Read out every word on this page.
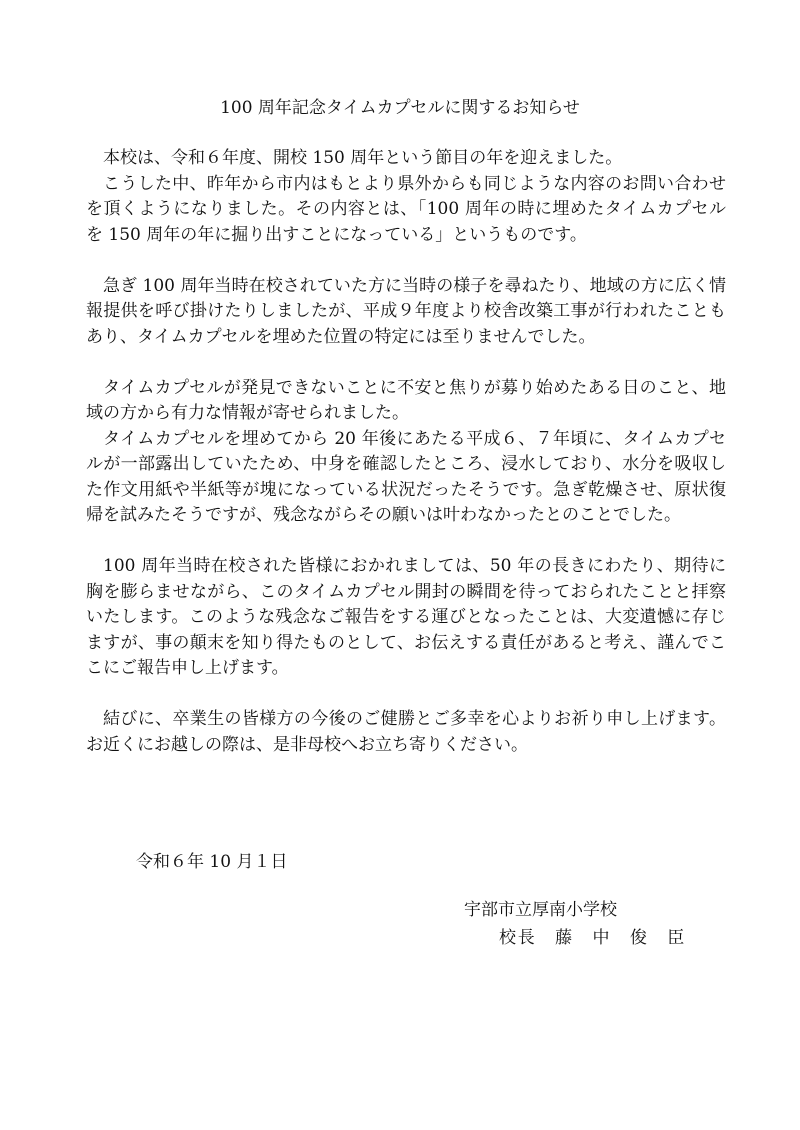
100 周年記念タイムカプセルに関するお知らせ

本校は、令和６年度、開校 150 周年という節目の年を迎えました。

こうした中、昨年から市内はもとより県外からも同じような内容のお問い合わせを頂くようになりました。その内容とは、「100 周年の時に埋めたタイムカプセルを 150 周年の年に掘り出すことになっている」というものです。

急ぎ 100 周年当時在校されていた方に当時の様子を尋ねたり、地域の方に広く情報提供を呼び掛けたりしましたが、平成９年度より校舎改築工事が行われたこともあり、タイムカプセルを埋めた位置の特定には至りませんでした。

タイムカプセルが発見できないことに不安と焦りが募り始めたある日のこと、地域の方から有力な情報が寄せられました。

タイムカプセルを埋めてから 20 年後にあたる平成６、７年頃に、タイムカプセルが一部露出していたため、中身を確認したところ、浸水しており、水分を吸収した作文用紙や半紙等が塊になっている状況だったそうです。急ぎ乾燥させ、原状復帰を試みたそうですが、残念ながらその願いは叶わなかったとのことでした。

100 周年当時在校された皆様におかれましては、50 年の長きにわたり、期待に胸を膨らませながら、このタイムカプセル開封の瞬間を待っておられたことと拝察いたします。このような残念なご報告をする運びとなったことは、大変遺憾に存じますが、事の顛末を知り得たものとして、お伝えする責任があると考え、謹んでここにご報告申し上げます。

結びに、卒業生の皆様方の今後のご健勝とご多幸を心よりお祈り申し上げます。お近くにお越しの際は、是非母校へお立ち寄りください。

令和６年 10 月１日
宇部市立厚南小学校
校長　藤　中　俊　臣
